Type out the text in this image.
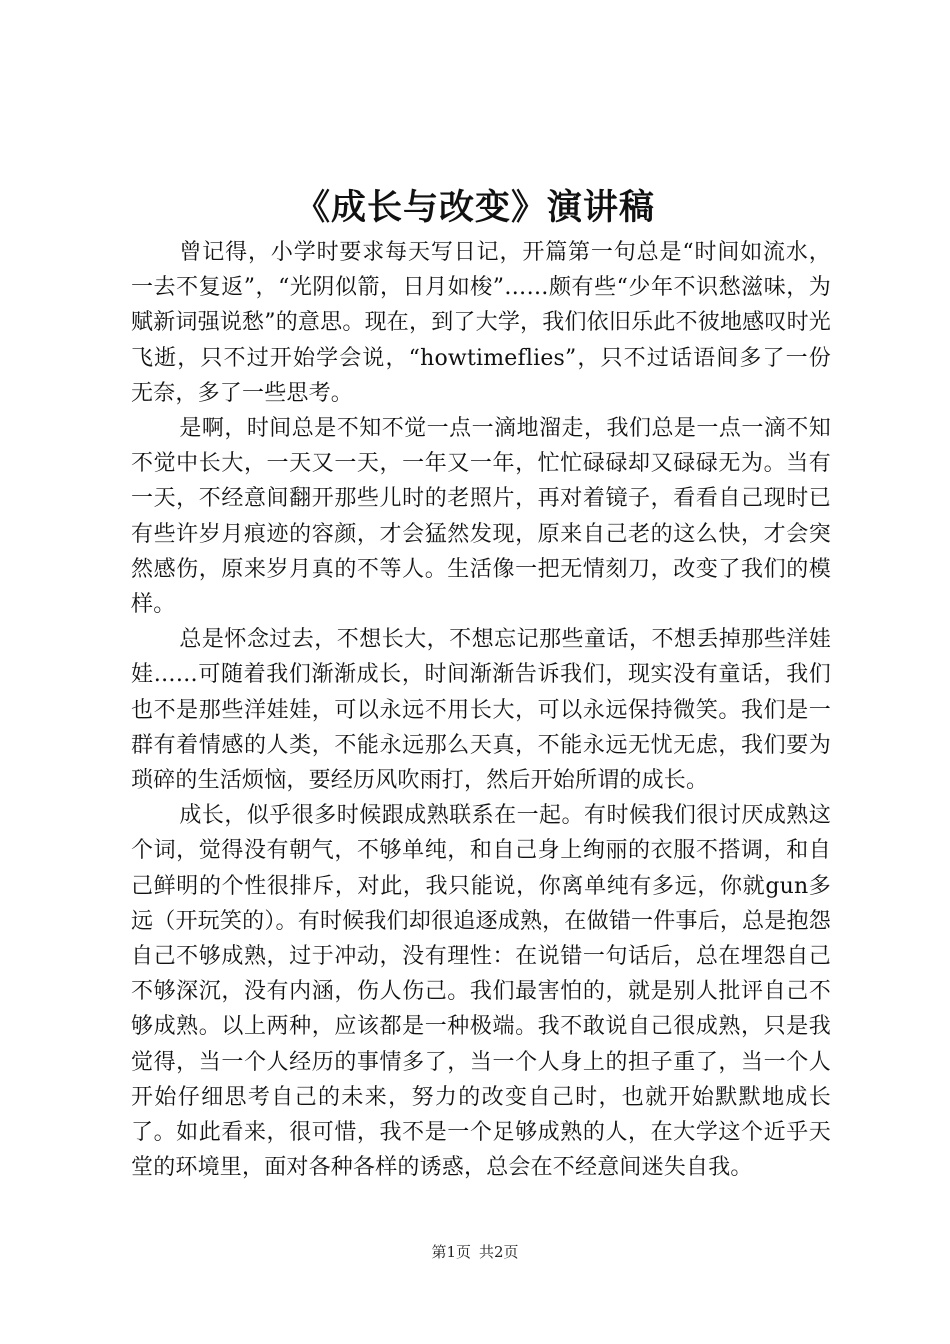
《成长与改变》演讲稿

曾记得，小学时要求每天写日记，开篇第一句总是“时间如流水，一去不复返”，“光阴似箭，日月如梭”……颇有些“少年不识愁滋味，为赋新词强说愁”的意思。现在，到了大学，我们依旧乐此不彼地感叹时光飞逝，只不过开始学会说，“howtimeflies”，只不过话语间多了一份无奈，多了一些思考。

是啊，时间总是不知不觉一点一滴地溜走，我们总是一点一滴不知不觉中长大，一天又一天，一年又一年，忙忙碌碌却又碌碌无为。当有一天，不经意间翻开那些儿时的老照片，再对着镜子，看看自己现时已有些许岁月痕迹的容颜，才会猛然发现，原来自己老的这么快，才会突然感伤，原来岁月真的不等人。生活像一把无情刻刀，改变了我们的模样。

总是怀念过去，不想长大，不想忘记那些童话，不想丢掉那些洋娃娃……可随着我们渐渐成长，时间渐渐告诉我们，现实没有童话，我们也不是那些洋娃娃，可以永远不用长大，可以永远保持微笑。我们是一群有着情感的人类，不能永远那么天真，不能永远无忧无虑，我们要为琐碎的生活烦恼，要经历风吹雨打，然后开始所谓的成长。

成长，似乎很多时候跟成熟联系在一起。有时候我们很讨厌成熟这个词，觉得没有朝气，不够单纯，和自己身上绚丽的衣服不搭调，和自己鲜明的个性很排斥，对此，我只能说，你离单纯有多远，你就gun多远（开玩笑的）。有时候我们却很追逐成熟，在做错一件事后，总是抱怨自己不够成熟，过于冲动，没有理性：在说错一句话后，总在埋怨自己不够深沉，没有内涵，伤人伤己。我们最害怕的，就是别人批评自己不够成熟。以上两种，应该都是一种极端。我不敢说自己很成熟，只是我觉得，当一个人经历的事情多了，当一个人身上的担子重了，当一个人开始仔细思考自己的未来，努力的改变自己时，也就开始默默地成长了。如此看来，很可惜，我不是一个足够成熟的人，在大学这个近乎天堂的环境里，面对各种各样的诱惑，总会在不经意间迷失自我。

第1页 共2页
